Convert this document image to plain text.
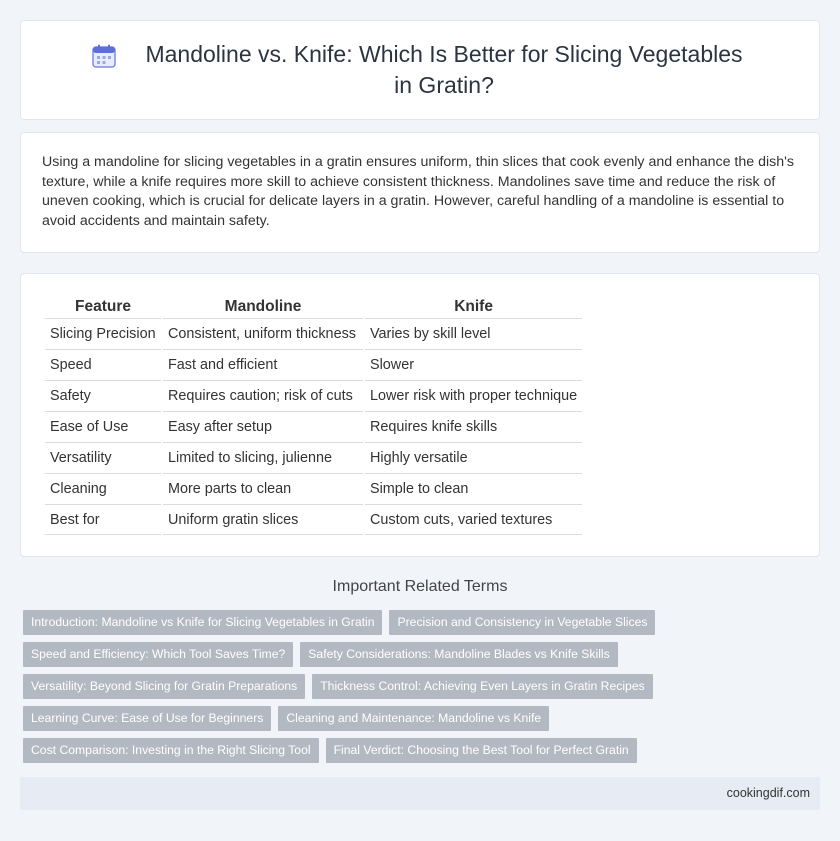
Mandoline vs. Knife: Which Is Better for Slicing Vegetables in Gratin?

Using a mandoline for slicing vegetables in a gratin ensures uniform, thin slices that cook evenly and enhance the dish's texture, while a knife requires more skill to achieve consistent thickness. Mandolines save time and reduce the risk of uneven cooking, which is crucial for delicate layers in a gratin. However, careful handling of a mandoline is essential to avoid accidents and maintain safety.

Feature	Mandoline	Knife
Slicing Precision	Consistent, uniform thickness	Varies by skill level
Speed	Fast and efficient	Slower
Safety	Requires caution; risk of cuts	Lower risk with proper technique
Ease of Use	Easy after setup	Requires knife skills
Versatility	Limited to slicing, julienne	Highly versatile
Cleaning	More parts to clean	Simple to clean
Best for	Uniform gratin slices	Custom cuts, varied textures
Important Related Terms
Introduction: Mandoline vs Knife for Slicing Vegetables in Gratin	Precision and Consistency in Vegetable Slices
Speed and Efficiency: Which Tool Saves Time?	Safety Considerations: Mandoline Blades vs Knife Skills
Versatility: Beyond Slicing for Gratin Preparations	Thickness Control: Achieving Even Layers in Gratin Recipes
Learning Curve: Ease of Use for Beginners	Cleaning and Maintenance: Mandoline vs Knife
Cost Comparison: Investing in the Right Slicing Tool	Final Verdict: Choosing the Best Tool for Perfect Gratin
cookingdif.com
